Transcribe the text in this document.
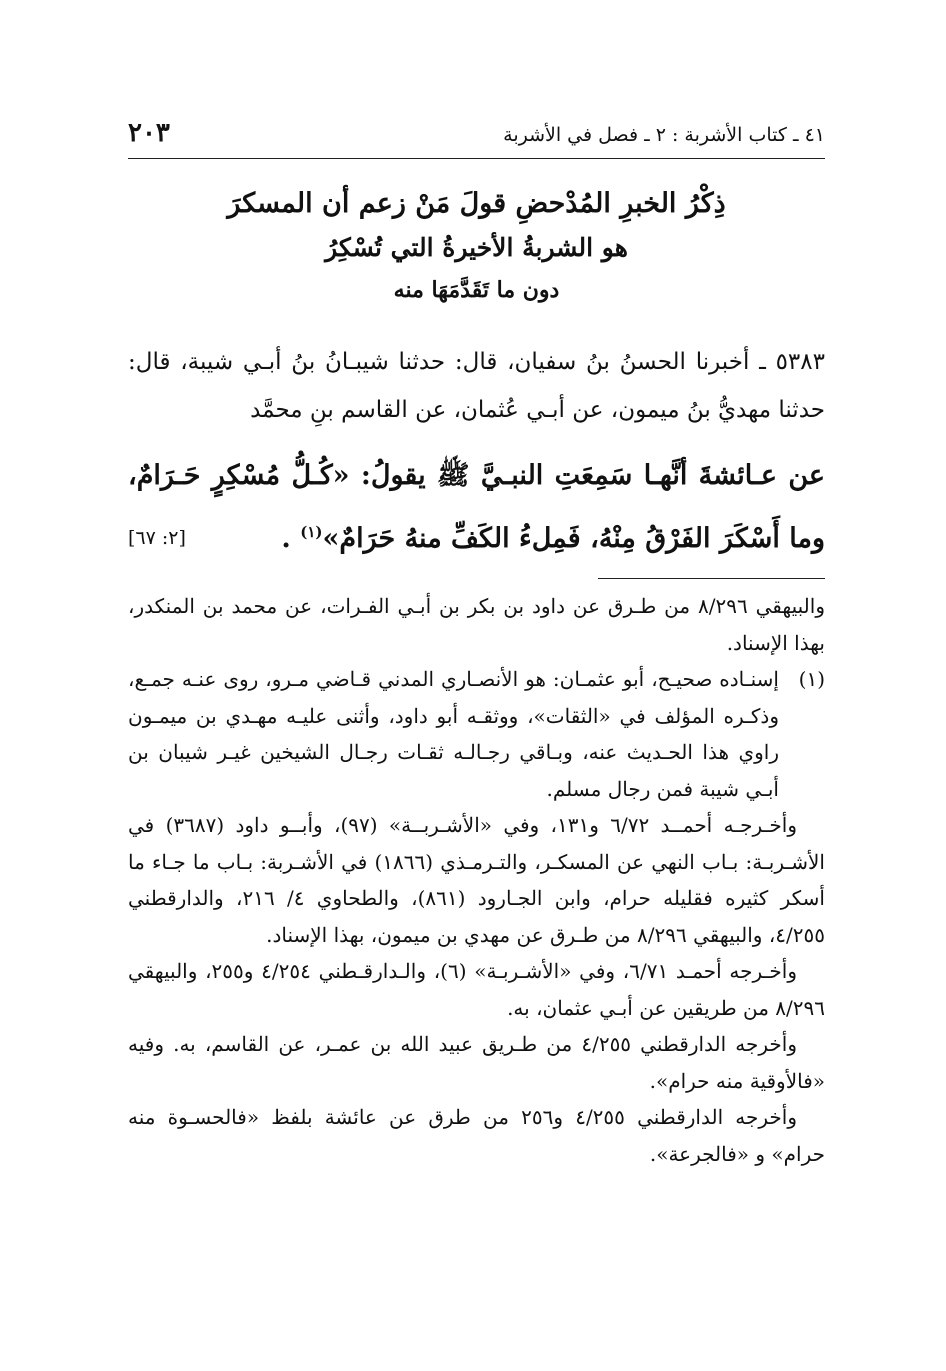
٤١ ـ كتاب الأشربة : ٢ ـ فصل في الأشربة
٢٠٣
ذِكْرُ الخبرِ المُدْحضِ قولَ مَنْ زعم أن المسكرَ
هو الشربةُ الأخيرةُ التي تُسْكِرُ
دون ما تَقَدَّمَهَا منه
٥٣٨٣ ـ أخبرنا الحسنُ بنُ سفيان، قال: حدثنا شيبـانُ بنُ أبـي شيبة، قال: حدثنا مهديُّ بنُ ميمون، عن أبـي عُثمان، عن القاسم بنِ محمَّد
عن عـائشةَ أنَّهـا سَمِعَتِ النبـيَّ ﷺ يقولُ: «كُـلُّ مُسْكِرٍ حَـرَامٌ، وما أَسْكَرَ الفَرْقُ مِنْهُ، فَمِلءُ الكَفِّ منهُ حَرَامٌ»$^{(١)}$ .
[٢: ٦٧]

والبيهقي ٨/٢٩٦ من طـرق عن داود بن بكر بن أبـي الفـرات، عن محمد بن المنكدر، بهذا الإسناد.

(١)
إسنـاده صحيـح، أبو عثمـان: هو الأنصـاري المدني قـاضي مـرو، روى عنـه جمـع، وذكـره المؤلف في «الثقات»، ووثقـه أبو داود، وأثنى عليـه مهـدي بن ميمـون راوي هذا الحـديث عنه، وبـاقي رجـالـه ثقـات رجـال الشيخين غيـر شيبان بن أبـي شيبة فمن رجال مسلم.

وأخـرجـه أحمــد ٦/٧٢ و١٣١، وفي «الأشـربــة» (٩٧)، وأبــو داود (٣٦٨٧) في الأشـربـة: بـاب النهي عن المسكـر، والتـرمـذي (١٨٦٦) في الأشـربة: بـاب ما جـاء ما أسكر كثيره فقليله حرام، وابن الجـارود (٨٦١)، والطحاوي ٤/ ٢١٦، والدارقطني ٤/٢٥٥، والبيهقي ٨/٢٩٦ من طـرق عن مهدي بن ميمون، بهذا الإسناد.

وأخـرجه أحمـد ٦/٧١، وفي «الأشـربـة» (٦)، والـدارقـطني ٤/٢٥٤ و٢٥٥، والبيهقي ٨/٢٩٦ من طريقين عن أبـي عثمان، به.

وأخرجه الدارقطني ٤/٢٥٥ من طـريق عبيد الله بن عمـر، عن القاسم، به. وفيه «فالأوقية منه حرام».

وأخرجه الدارقطني ٤/٢٥٥ و٢٥٦ من طرق عن عائشة بلفظ «فالحسـوة منه حرام» و «فالجرعة».
